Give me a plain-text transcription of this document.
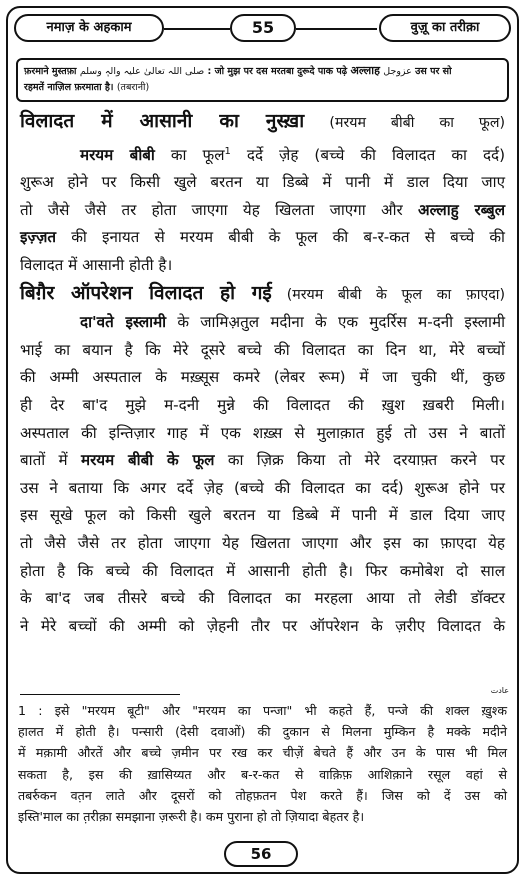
नमाज़ के अहकाम	55	वुज़ू का तरीक़ा
फ़रमाने मुस्तफ़ा صلی اللہ تعالیٰ علیہ والہٖ وسلم : जो मुझ पर दस मरतबा दुरूदे पाक पढ़े अल्लाह عزوجل उस पर सो
रहमतें नाज़िल फ़रमाता है। (तबरानी)
विलादत में आसानी का नुस्ख़ा (मरयम बीबी का फूल)
मरयम बीबी का फूल$^1$ दर्दे ज़ेह (बच्चे की विलादत का दर्द)
शुरूअ होने पर किसी खुले बरतन या डिब्बे में पानी में डाल दिया जाए
तो जैसे जैसे तर होता जाएगा येह खिलता जाएगा और अल्लाहु रब्बुल
इज़्ज़त की इनायत से मरयम बीबी के फूल की ब-र-कत से बच्चे की
विलादत में आसानी होती है।
बिग़ैर ऑपरेशन विलादत हो गई (मरयम बीबी के फूल का फ़ाएदा)
दा'वते इस्लामी के जामिअ़तुल मदीना के एक मुदर्रिस म-दनी इस्लामी
भाई का बयान है कि मेरे दूसरे बच्चे की विलादत का दिन था, मेरे बच्चों
की अम्मी अस्पताल के मख़्सूस कमरे (लेबर रूम) में जा चुकी थीं, कुछ
ही देर बा'द मुझे म-दनी मुन्ने की विलादत की ख़ुश ख़बरी मिली।
अस्पताल की इन्तिज़ार गाह में एक शख़्स से मुलाक़ात हुई तो उस ने बातों
बातों में मरयम बीबी के फूल का ज़िक्र किया तो मेरे दरयाफ़्त करने पर
उस ने बताया कि अगर दर्दे ज़ेह (बच्चे की विलादत का दर्द) शुरूअ होने पर
इस सूखे फूल को किसी खुले बरतन या डिब्बे में पानी में डाल दिया जाए
तो जैसे जैसे तर होता जाएगा येह खिलता जाएगा और इस का फ़ाएदा येह
होता है कि बच्चे की विलादत में आसानी होती है। फिर कमोबेश दो साल
के बा'द जब तीसरे बच्चे की विलादत का मरहला आया तो लेडी डॉक्टर
ने मेरे बच्चों की अम्मी को ज़ेहनी तौर पर ऑपरेशन के ज़रीए विलादत के
عادت
1 : इसे "मरयम बूटी" और "मरयम का पन्जा" भी कहते हैं, पन्जे की शक्ल ख़ुश्क
हालत में होती है। पन्सारी (देसी दवाओं) की दुकान से मिलना मुम्किन है मक्के मदीने
में मक़ामी औरतें और बच्चे ज़मीन पर रख कर चीज़ें बेचते हैं और उन के पास भी मिल
सकता है, इस की ख़ासिय्यत और ब-र-कत से वाक़िफ़ आशिक़ाने रसूल वहां से
तबर्रुकन वत़न लाते और दूसरों को तोहफ़तन पेश करते हैं। जिस को दें उस को
इस्ति'माल का त़रीक़ा समझाना ज़रूरी है। कम पुराना हो तो ज़ियादा बेहतर है।
56
